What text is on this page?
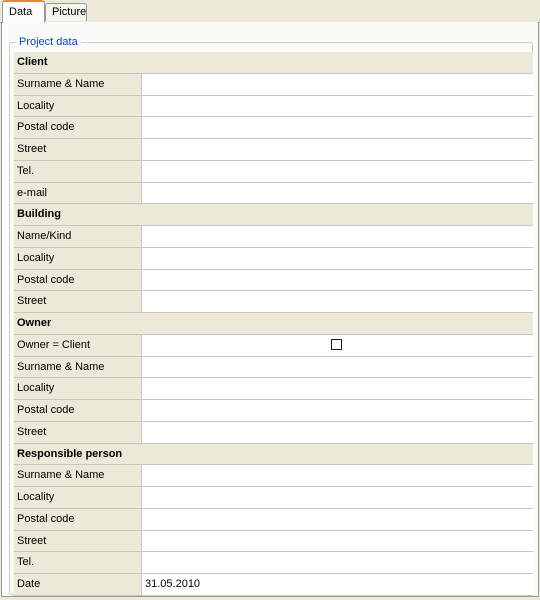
Data	Picture
Project data
Client
Surname & Name
Locality
Postal code
Street
Tel.
e-mail
Building
Name/Kind
Locality
Postal code
Street
Owner
Owner = Client
Surname & Name
Locality
Postal code
Street
Responsible person
Surname & Name
Locality
Postal code
Street
Tel.
Date	31.05.2010
